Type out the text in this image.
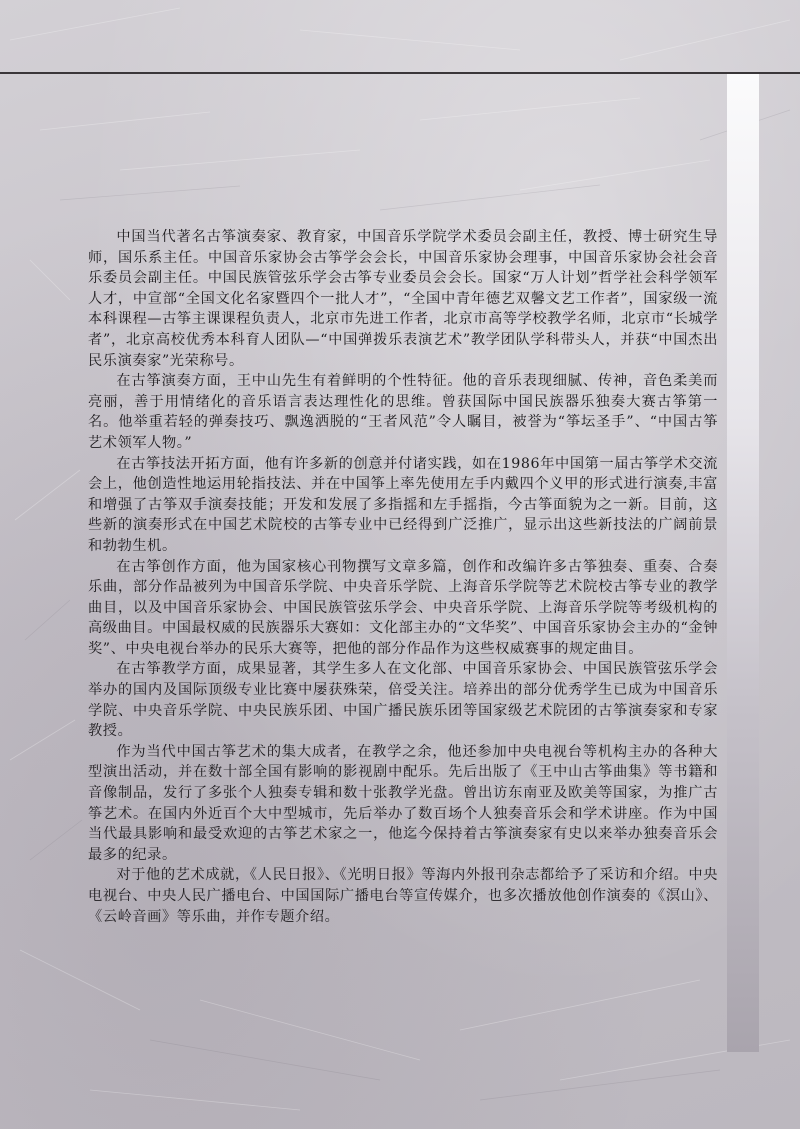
中国当代著名古筝演奏家、教育家，中国音乐学院学术委员会副主任，教授、博士研究生导师，国乐系主任。中国音乐家协会古筝学会会长，中国音乐家协会理事，中国音乐家协会社会音乐委员会副主任。中国民族管弦乐学会古筝专业委员会会长。国家“万人计划”哲学社会科学领军人才，中宣部“全国文化名家暨四个一批人才”，“全国中青年德艺双馨文艺工作者”，国家级一流本科课程—古筝主课课程负责人，北京市先进工作者，北京市高等学校教学名师，北京市“长城学者”，北京高校优秀本科育人团队—“中国弹拨乐表演艺术”教学团队学科带头人，并获“中国杰出民乐演奏家”光荣称号。

在古筝演奏方面，王中山先生有着鲜明的个性特征。他的音乐表现细腻、传神，音色柔美而亮丽，善于用情绪化的音乐语言表达理性化的思维。曾获国际中国民族器乐独奏大赛古筝第一名。他举重若轻的弹奏技巧、飘逸洒脱的“王者风范”令人瞩目，被誉为“筝坛圣手”、“中国古筝艺术领军人物。”

在古筝技法开拓方面，他有许多新的创意并付诸实践，如在1986年中国第一届古筝学术交流会上，他创造性地运用轮指技法、并在中国筝上率先使用左手内戴四个义甲的形式进行演奏,丰富和增强了古筝双手演奏技能；开发和发展了多指摇和左手摇指，今古筝面貌为之一新。目前，这些新的演奏形式在中国艺术院校的古筝专业中已经得到广泛推广，显示出这些新技法的广阔前景和勃勃生机。

在古筝创作方面，他为国家核心刊物撰写文章多篇，创作和改编许多古筝独奏、重奏、合奏乐曲，部分作品被列为中国音乐学院、中央音乐学院、上海音乐学院等艺术院校古筝专业的教学曲目，以及中国音乐家协会、中国民族管弦乐学会、中央音乐学院、上海音乐学院等考级机构的高级曲目。中国最权威的民族器乐大赛如：文化部主办的“文华奖”、中国音乐家协会主办的“金钟奖”、中央电视台举办的民乐大赛等，把他的部分作品作为这些权威赛事的规定曲目。

在古筝教学方面，成果显著，其学生多人在文化部、中国音乐家协会、中国民族管弦乐学会举办的国内及国际顶级专业比赛中屡获殊荣，倍受关注。培养出的部分优秀学生已成为中国音乐学院、中央音乐学院、中央民族乐团、中国广播民族乐团等国家级艺术院团的古筝演奏家和专家教授。

作为当代中国古筝艺术的集大成者，在教学之余，他还参加中央电视台等机构主办的各种大型演出活动，并在数十部全国有影响的影视剧中配乐。先后出版了《王中山古筝曲集》等书籍和音像制品，发行了多张个人独奏专辑和数十张教学光盘。曾出访东南亚及欧美等国家，为推广古筝艺术。在国内外近百个大中型城市，先后举办了数百场个人独奏音乐会和学术讲座。作为中国当代最具影响和最受欢迎的古筝艺术家之一，他迄今保持着古筝演奏家有史以来举办独奏音乐会最多的纪录。

对于他的艺术成就，《人民日报》、《光明日报》等海内外报刊杂志都给予了采访和介绍。中央电视台、中央人民广播电台、中国国际广播电台等宣传媒介，也多次播放他创作演奏的《溟山》、《云岭音画》等乐曲，并作专题介绍。
